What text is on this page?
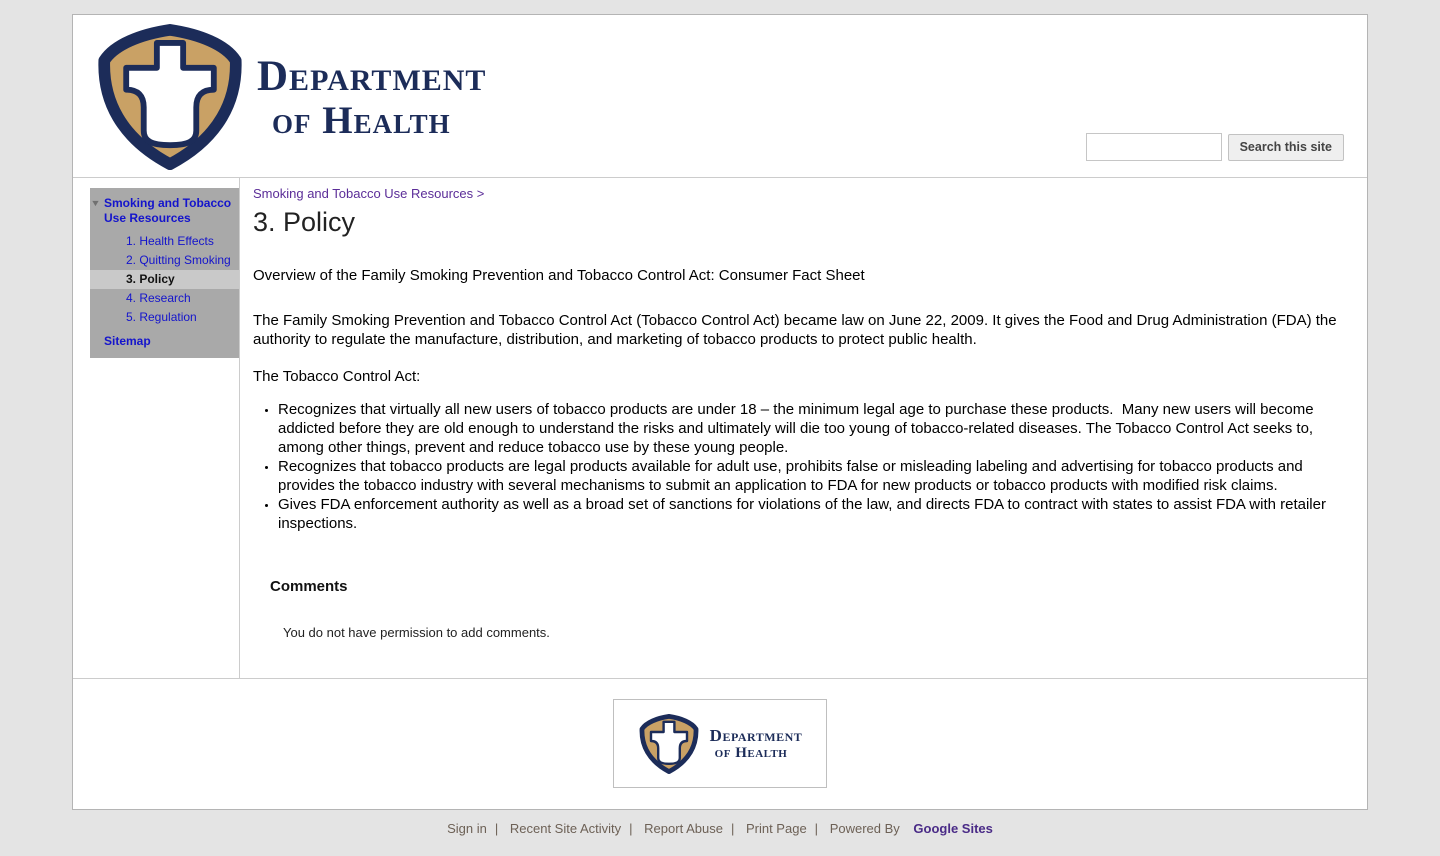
Department
of Health
Search this site
▼ Smoking and Tobacco Use Resources
1. Health Effects
2. Quitting Smoking
3. Policy
4. Research
5. Regulation
Sitemap
Smoking and Tobacco Use Resources >
3. Policy

Overview of the Family Smoking Prevention and Tobacco Control Act: Consumer Fact Sheet

The Family Smoking Prevention and Tobacco Control Act (Tobacco Control Act) became law on June 22, 2009. It gives the Food and Drug Administration (FDA) the authority to regulate the manufacture, distribution, and marketing of tobacco products to protect public health.

The Tobacco Control Act:

• Recognizes that virtually all new users of tobacco products are under 18 – the minimum legal age to purchase these products.  Many new users will become addicted before they are old enough to understand the risks and ultimately will die too young of tobacco-related diseases. The Tobacco Control Act seeks to, among other things, prevent and reduce tobacco use by these young people.
• Recognizes that tobacco products are legal products available for adult use, prohibits false or misleading labeling and advertising for tobacco products and provides the tobacco industry with several mechanisms to submit an application to FDA for new products or tobacco products with modified risk claims.
• Gives FDA enforcement authority as well as a broad set of sanctions for violations of the law, and directs FDA to contract with states to assist FDA with retailer inspections.
Comments

You do not have permission to add comments.

Department
of Health
Sign in | Recent Site Activity | Report Abuse | Print Page | Powered By Google Sites
